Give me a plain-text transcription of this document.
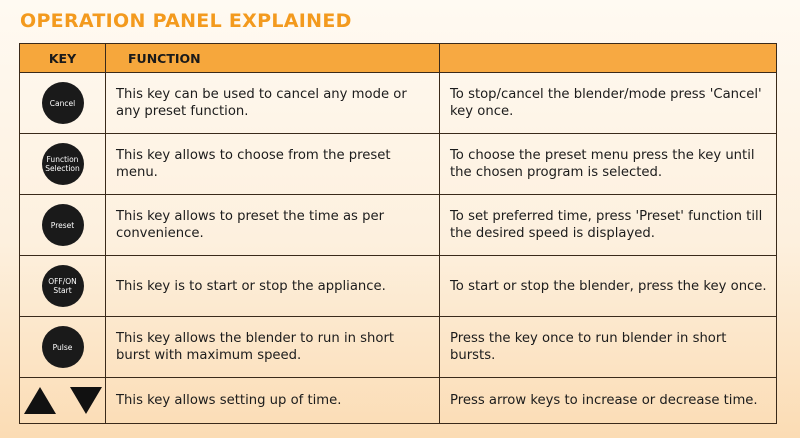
OPERATION PANEL EXPLAINED
KEY	FUNCTION	

Cancel	This key can be used to cancel any mode or any preset function.	To stop/cancel the blender/mode press 'Cancel' key once.

Function
Selection	This key allows to choose from the preset menu.	To choose the preset menu press the key until the chosen program is selected.

Preset	This key allows to preset the time as per convenience.	To set preferred time, press 'Preset' function till the desired speed is displayed.

OFF/ON
Start	This key is to start or stop the appliance.	To start or stop the blender, press the key once.

Pulse	This key allows the blender to run in short burst with maximum speed.	Press the key once to run blender in short bursts.

	This key allows setting up of time.	Press arrow keys to increase or decrease time.
